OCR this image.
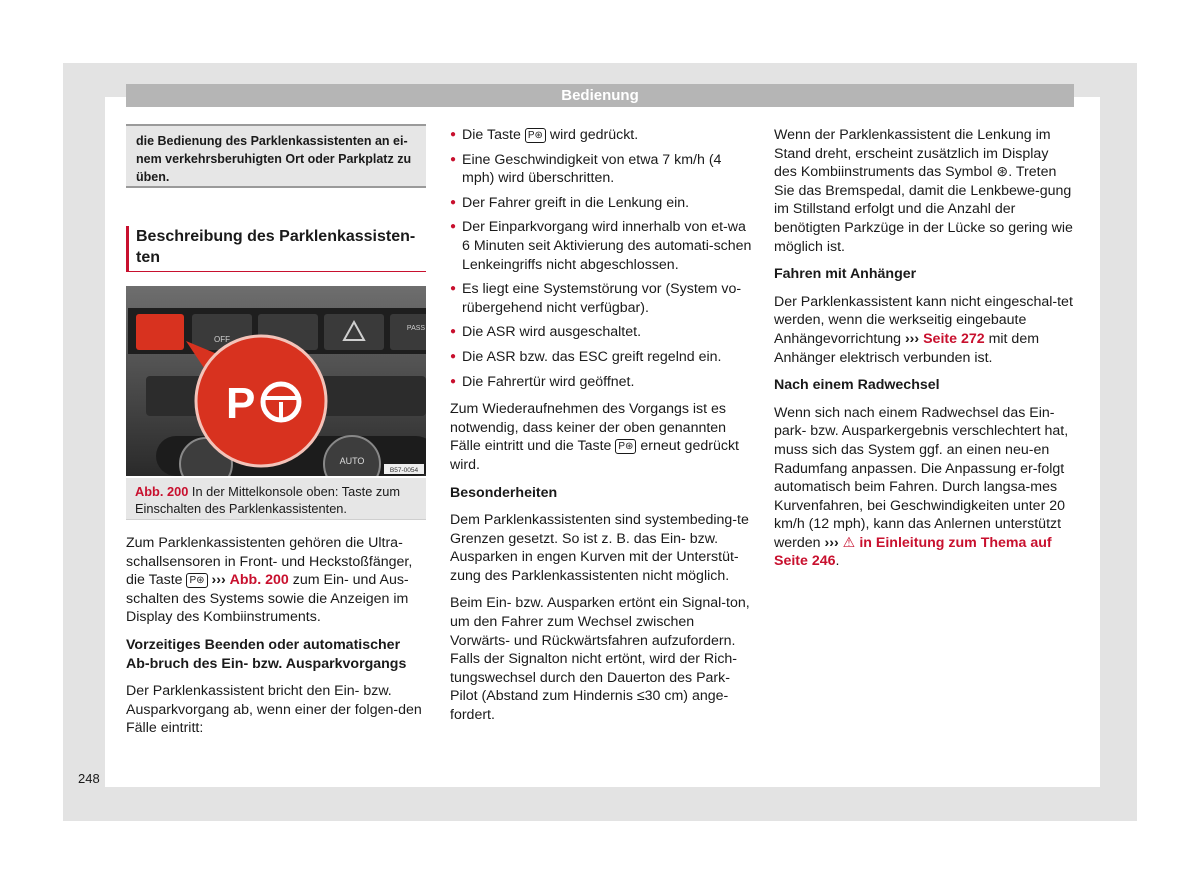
Bedienung
die Bedienung des Parklenkassistenten an ei-nem verkehrsberuhigten Ort oder Parkplatz zu üben.
Beschreibung des Parklenkassisten-ten
OFF
PASS
AUTO
B57-0054
P
Abb. 200 In der Mittelkonsole oben: Taste zum Einschalten des Parklenkassistenten.

Zum Parklenkassistenten gehören die Ultra-schallsensoren in Front- und Heckstoßfänger, die Taste P⊛ ››› Abb. 200 zum Ein- und Aus-schalten des Systems sowie die Anzeigen im Display des Kombiinstruments.

Vorzeitiges Beenden oder automatischer Ab-bruch des Ein- bzw. Ausparkvorgangs

Der Parklenkassistent bricht den Ein- bzw. Ausparkvorgang ab, wenn einer der folgen-den Fälle eintritt:

● Die Taste P⊛ wird gedrückt.
● Eine Geschwindigkeit von etwa 7 km/h (4 mph) wird überschritten.
● Der Fahrer greift in die Lenkung ein.
● Der Einparkvorgang wird innerhalb von et-wa 6 Minuten seit Aktivierung des automati-schen Lenkeingriffs nicht abgeschlossen.
● Es liegt eine Systemstörung vor (System vo-rübergehend nicht verfügbar).
● Die ASR wird ausgeschaltet.
● Die ASR bzw. das ESC greift regelnd ein.
● Die Fahrertür wird geöffnet.

Zum Wiederaufnehmen des Vorgangs ist es notwendig, dass keiner der oben genannten Fälle eintritt und die Taste P⊛ erneut gedrückt wird.

Besonderheiten

Dem Parklenkassistenten sind systembeding-te Grenzen gesetzt. So ist z. B. das Ein- bzw. Ausparken in engen Kurven mit der Unterstüt-zung des Parklenkassistenten nicht möglich.

Beim Ein- bzw. Ausparken ertönt ein Signal-ton, um den Fahrer zum Wechsel zwischen Vorwärts- und Rückwärtsfahren aufzufordern. Falls der Signalton nicht ertönt, wird der Rich-tungswechsel durch den Dauerton des Park-Pilot (Abstand zum Hindernis ≤30 cm) ange-fordert.

Wenn der Parklenkassistent die Lenkung im Stand dreht, erscheint zusätzlich im Display des Kombiinstruments das Symbol ⊛. Treten Sie das Bremspedal, damit die Lenkbewe-gung im Stillstand erfolgt und die Anzahl der benötigten Parkzüge in der Lücke so gering wie möglich ist.

Fahren mit Anhänger

Der Parklenkassistent kann nicht eingeschal-tet werden, wenn die werkseitig eingebaute Anhängevorrichtung ››› Seite 272 mit dem Anhänger elektrisch verbunden ist.

Nach einem Radwechsel

Wenn sich nach einem Radwechsel das Ein-park- bzw. Ausparkergebnis verschlechtert hat, muss sich das System ggf. an einen neu-en Radumfang anpassen. Die Anpassung er-folgt automatisch beim Fahren. Durch langsa-mes Kurvenfahren, bei Geschwindigkeiten unter 20 km/h (12 mph), kann das Anlernen unterstützt werden ››› ⚠ in Einleitung zum Thema auf Seite 246.

248
